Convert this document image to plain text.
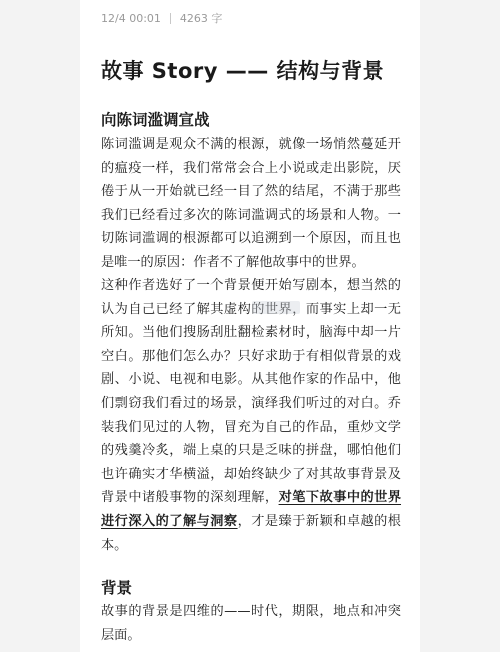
12/4 00:01 4263 字
故事 Story —— 结构与背景
向陈词滥调宣战
陈词滥调是观众不满的根源，就像一场悄然蔓延开的瘟疫一样，我们常常会合上小说或走出影院，厌倦于从一开始就已经一目了然的结尾，不满于那些我们已经看过多次的陈词滥调式的场景和人物。一切陈词滥调的根源都可以追溯到一个原因，而且也是唯一的原因：作者不了解他故事中的世界。
这种作者选好了一个背景便开始写剧本，想当然的认为自己已经了解其虚构的世界，而事实上却一无所知。当他们搜肠刮肚翻检素材时，脑海中却一片空白。那他们怎么办？只好求助于有相似背景的戏剧、小说、电视和电影。从其他作家的作品中，他们剽窃我们看过的场景，演绎我们听过的对白。乔装我们见过的人物，冒充为自己的作品，重炒文学的残羹冷炙，端上桌的只是乏味的拼盘，哪怕他们也许确实才华横溢，却始终缺少了对其故事背景及背景中诸般事物的深刻理解，对笔下故事中的世界进行深入的了解与洞察，才是臻于新颖和卓越的根本。
背景
故事的背景是四维的——时代，期限，地点和冲突层面。
